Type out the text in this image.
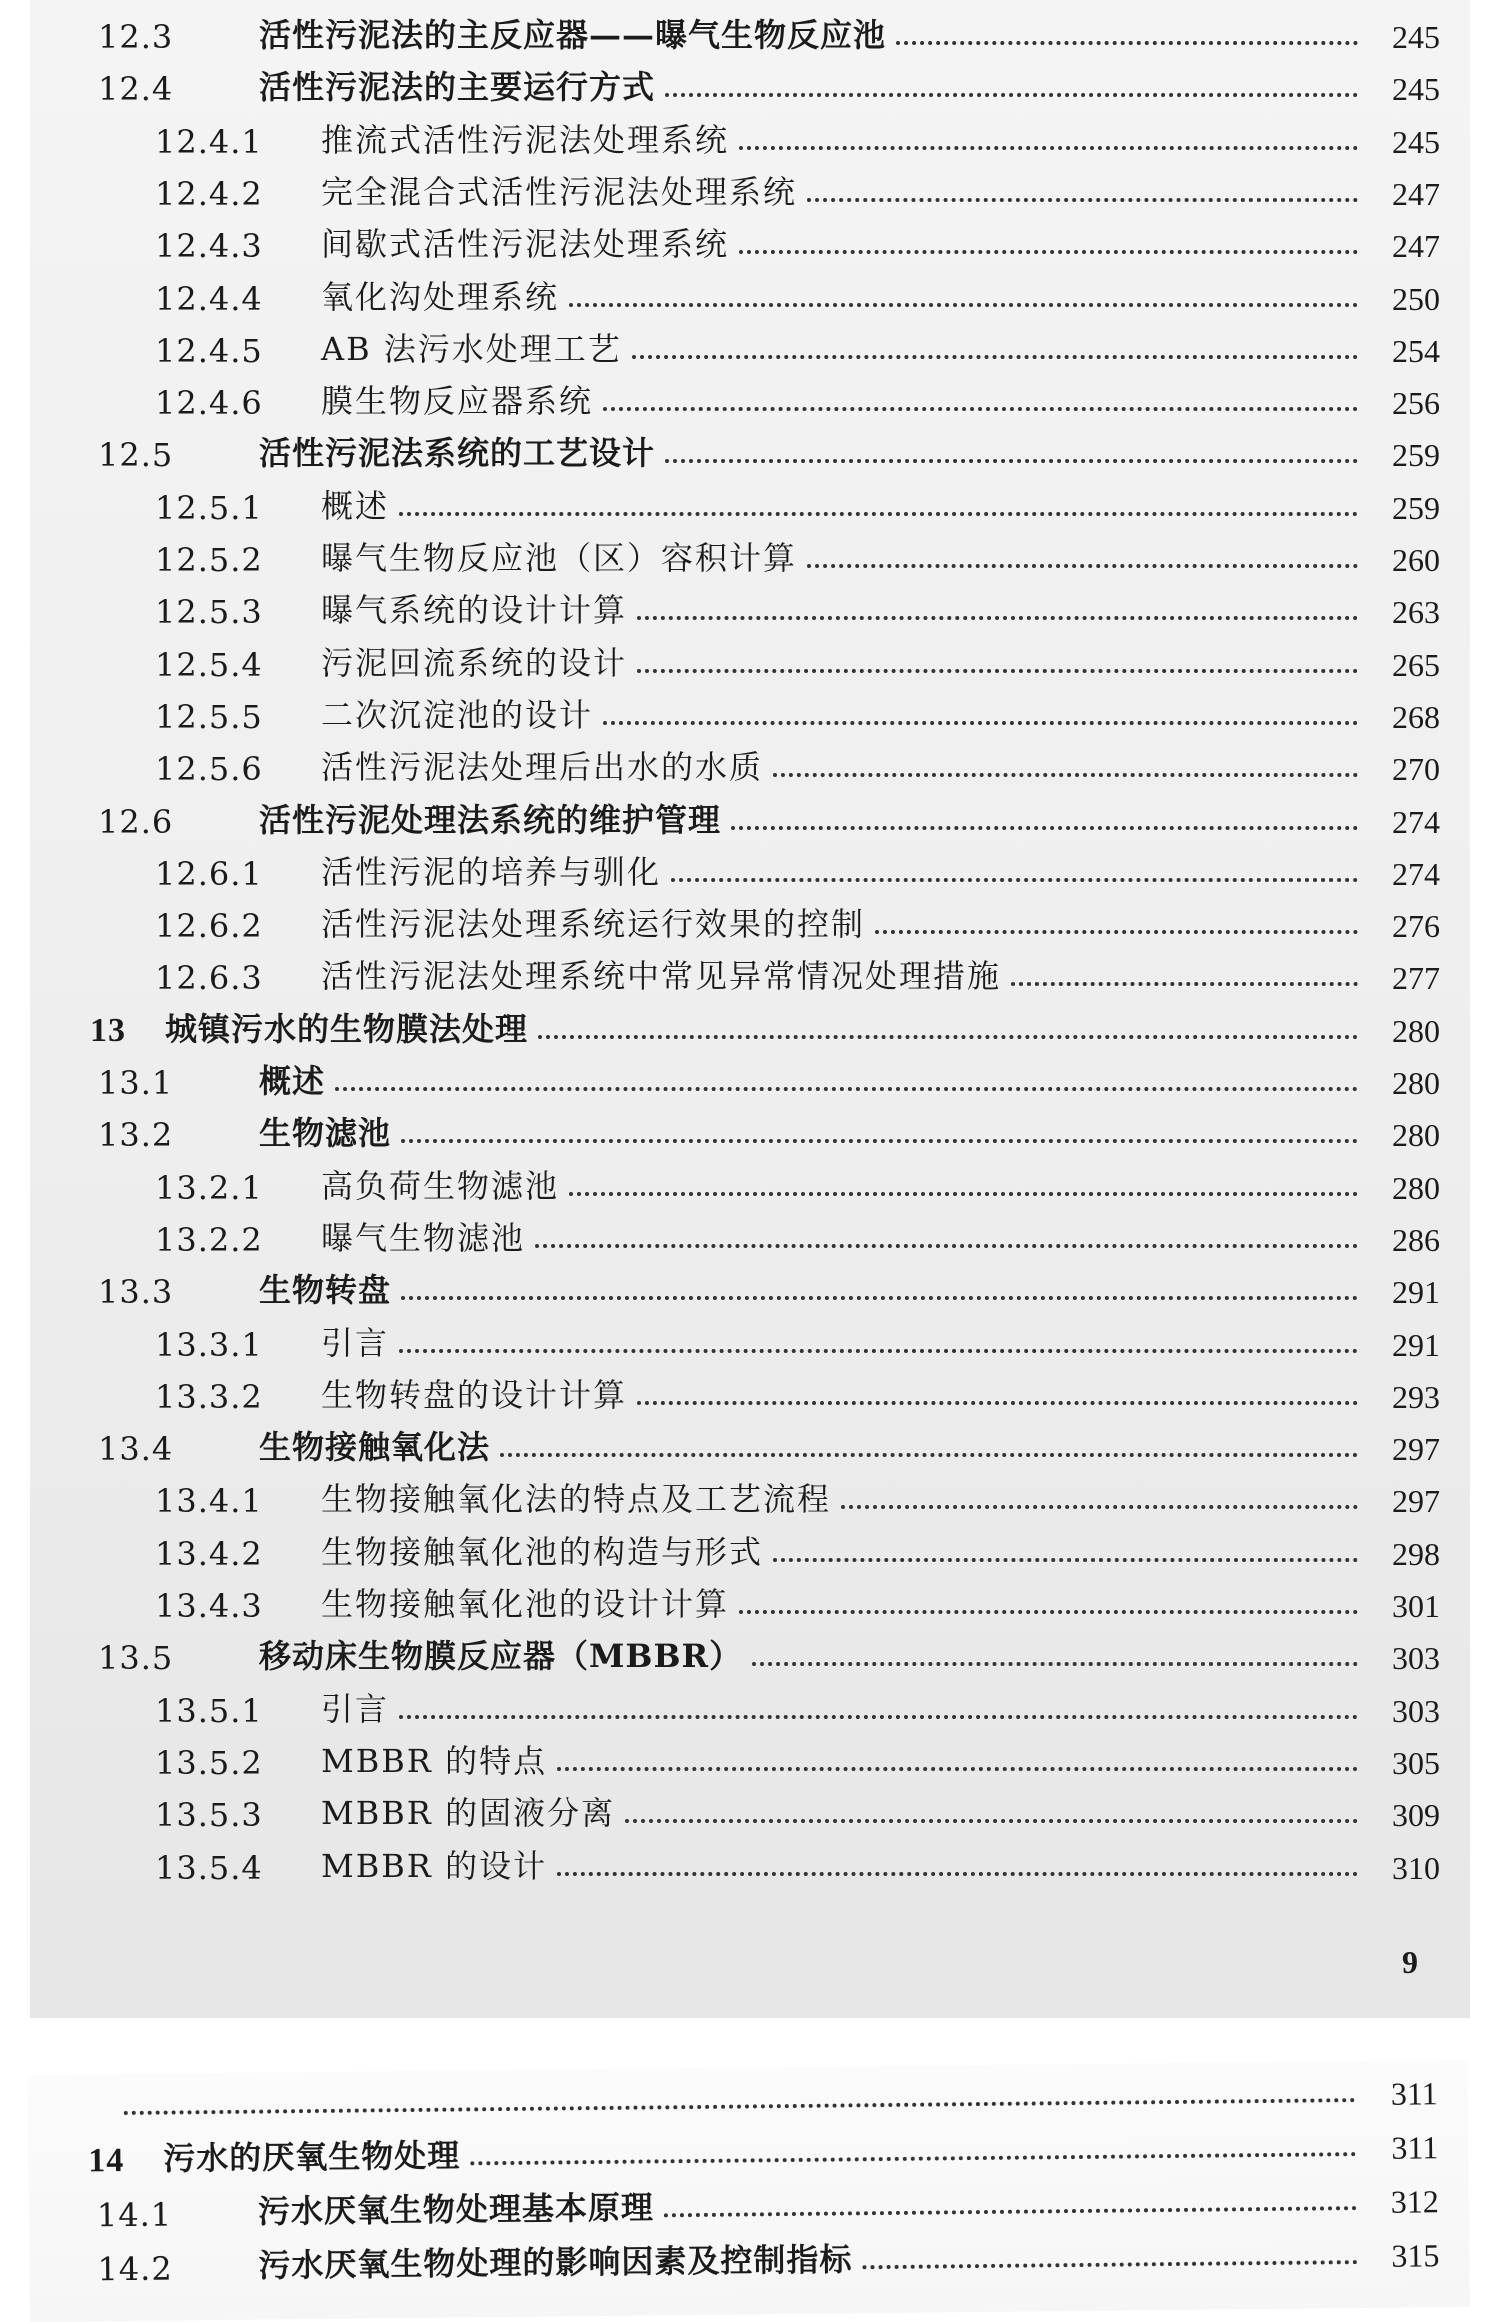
12.3	活性污泥法的主反应器——曝气生物反应池	245
12.4	活性污泥法的主要运行方式	245
12.4.1	推流式活性污泥法处理系统	245
12.4.2	完全混合式活性污泥法处理系统	247
12.4.3	间歇式活性污泥法处理系统	247
12.4.4	氧化沟处理系统	250
12.4.5	AB 法污水处理工艺	254
12.4.6	膜生物反应器系统	256
12.5	活性污泥法系统的工艺设计	259
12.5.1	概述	259
12.5.2	曝气生物反应池（区）容积计算	260
12.5.3	曝气系统的设计计算	263
12.5.4	污泥回流系统的设计	265
12.5.5	二次沉淀池的设计	268
12.5.6	活性污泥法处理后出水的水质	270
12.6	活性污泥处理法系统的维护管理	274
12.6.1	活性污泥的培养与驯化	274
12.6.2	活性污泥法处理系统运行效果的控制	276
12.6.3	活性污泥法处理系统中常见异常情况处理措施	277
13	城镇污水的生物膜法处理	280
13.1	概述	280
13.2	生物滤池	280
13.2.1	高负荷生物滤池	280
13.2.2	曝气生物滤池	286
13.3	生物转盘	291
13.3.1	引言	291
13.3.2	生物转盘的设计计算	293
13.4	生物接触氧化法	297
13.4.1	生物接触氧化法的特点及工艺流程	297
13.4.2	生物接触氧化池的构造与形式	298
13.4.3	生物接触氧化池的设计计算	301
13.5	移动床生物膜反应器（MBBR）	303
13.5.1	引言	303
13.5.2	MBBR 的特点	305
13.5.3	MBBR 的固液分离	309
13.5.4	MBBR 的设计	310
9
311
14	污水的厌氧生物处理	311
14.1	污水厌氧生物处理基本原理	312
14.2	污水厌氧生物处理的影响因素及控制指标	315
